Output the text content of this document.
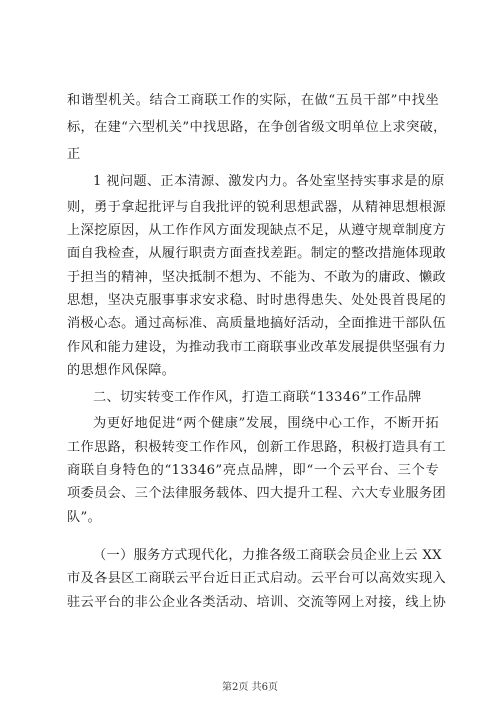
和谐型机关。结合工商联工作的实际，在做“五员干部”中找坐
标，在建“六型机关”中找思路，在争创省级文明单位上求突破，
正
1 视问题、正本清源、激发内力。各处室坚持实事求是的原
则，勇于拿起批评与自我批评的锐利思想武器，从精神思想根源
上深挖原因，从工作作风方面发现缺点不足，从遵守规章制度方
面自我检查，从履行职责方面查找差距。制定的整改措施体现敢
于担当的精神，坚决抵制不想为、不能为、不敢为的庸政、懒政
思想，坚决克服事事求安求稳、时时患得患失、处处畏首畏尾的
消极心态。通过高标准、高质量地搞好活动，全面推进干部队伍
作风和能力建设，为推动我市工商联事业改革发展提供坚强有力
的思想作风保障。
二、切实转变工作作风，打造工商联“13346”工作品牌
为更好地促进“两个健康”发展，围绕中心工作，不断开拓
工作思路，积极转变工作作风，创新工作思路，积极打造具有工
商联自身特色的“13346”亮点品牌，即“一个云平台、三个专
项委员会、三个法律服务载体、四大提升工程、六大专业服务团
队”。
（一）服务方式现代化，力推各级工商联会员企业上云 XX
市及各县区工商联云平台近日正式启动。云平台可以高效实现入
驻云平台的非公企业各类活动、培训、交流等网上对接，线上协
第2页 共6页
